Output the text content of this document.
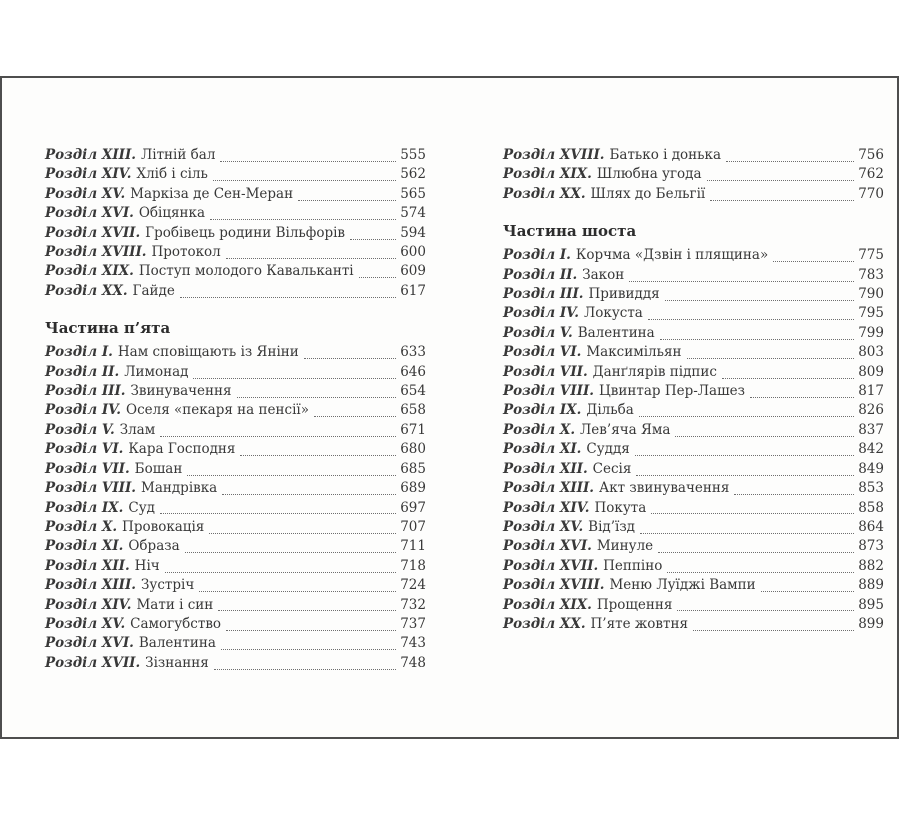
Розділ XIII. Літній бал	555
Розділ XIV. Хліб і сіль	562
Розділ XV. Маркіза де Сен-Меран	565
Розділ XVI. Обіцянка	574
Розділ XVII. Гробівець родини Вільфорів	594
Розділ XVIII. Протокол	600
Розділ XIX. Поступ молодого Кавальканті	609
Розділ XX. Гайде	617
Частина п’ята
Розділ I. Нам сповіщають із Яніни	633
Розділ II. Лимонад	646
Розділ III. Звинувачення	654
Розділ IV. Оселя «пекаря на пенсії»	658
Розділ V. Злам	671
Розділ VI. Кара Господня	680
Розділ VII. Бошан	685
Розділ VIII. Мандрівка	689
Розділ IX. Суд	697
Розділ X. Провокація	707
Розділ XI. Образа	711
Розділ XII. Ніч	718
Розділ XIII. Зустріч	724
Розділ XIV. Мати і син	732
Розділ XV. Самогубство	737
Розділ XVI. Валентина	743
Розділ XVII. Зізнання	748
Розділ XVIII. Батько і донька	756
Розділ XIX. Шлюбна угода	762
Розділ XX. Шлях до Бельгії	770
Частина шоста
Розділ I. Корчма «Дзвін і плящина»	775
Розділ II. Закон	783
Розділ III. Привиддя	790
Розділ IV. Локуста	795
Розділ V. Валентина	799
Розділ VI. Максимільян	803
Розділ VII. Данґлярів підпис	809
Розділ VIII. Цвинтар Пер-Лашез	817
Розділ IX. Дільба	826
Розділ X. Лев’яча Яма	837
Розділ XI. Суддя	842
Розділ XII. Сесія	849
Розділ XIII. Акт звинувачення	853
Розділ XIV. Покута	858
Розділ XV. Від’їзд	864
Розділ XVI. Минуле	873
Розділ XVII. Пеппіно	882
Розділ XVIII. Меню Луїджі Вампи	889
Розділ XIX. Прощення	895
Розділ XX. П’яте жовтня	899
